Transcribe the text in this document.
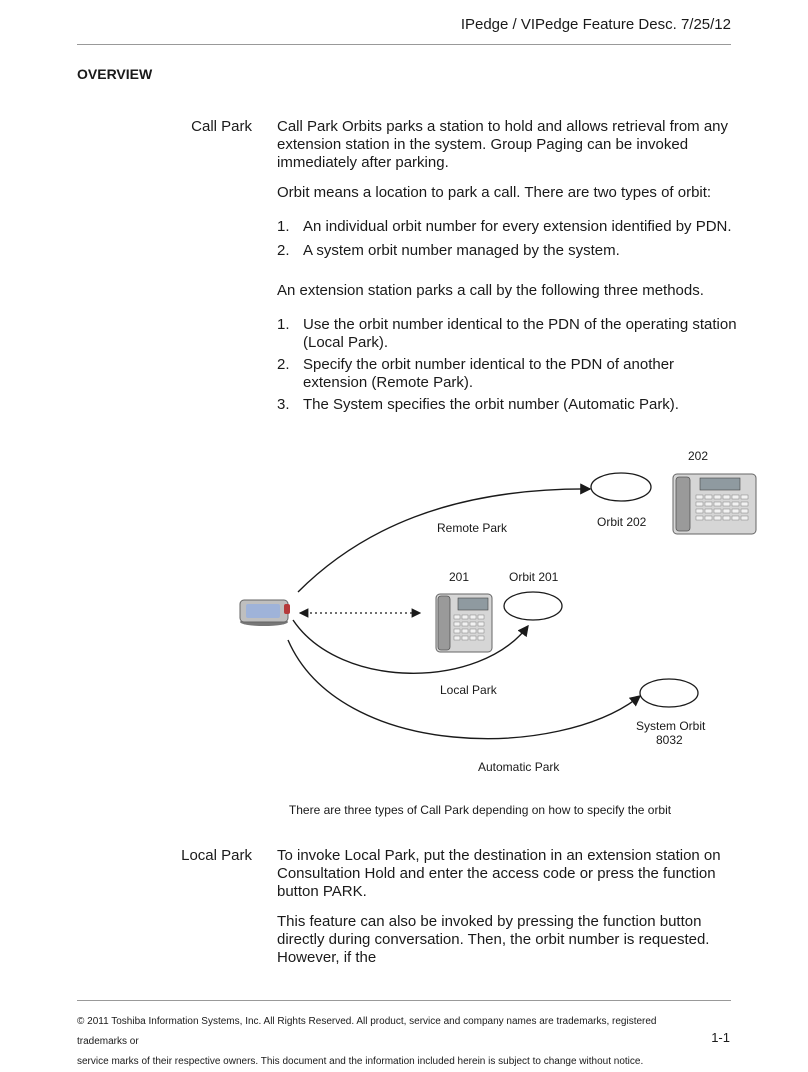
IPedge / VIPedge Feature Desc. 7/25/12
OVERVIEW
Call Park Call Park Orbits parks a station to hold and allows retrieval from any extension station in the system. Group Paging can be invoked immediately after parking.
Orbit means a location to park a call. There are two types of orbit:
1. An individual orbit number for every extension identified by PDN.
2. A system orbit number managed by the system.
An extension station parks a call by the following three methods.
1. Use the orbit number identical to the PDN of the operating station (Local Park).
2. Specify the orbit number identical to the PDN of another extension (Remote Park).
3. The System specifies the orbit number (Automatic Park).
202
Orbit 202
Remote Park
201	Orbit 201
Local Park
System Orbit
8032
Automatic Park
There are three types of Call Park depending on how to specify the orbit
Local Park To invoke Local Park, put the destination in an extension station on Consultation Hold and enter the access code or press the function button PARK.
This feature can also be invoked by pressing the function button directly during conversation. Then, the orbit number is requested. However, if the
© 2011 Toshiba Information Systems, Inc. All Rights Reserved. All product, service and company names are trademarks, registered trademarks or
service marks of their respective owners. This document and the information included herein is subject to change without notice.
1-1
